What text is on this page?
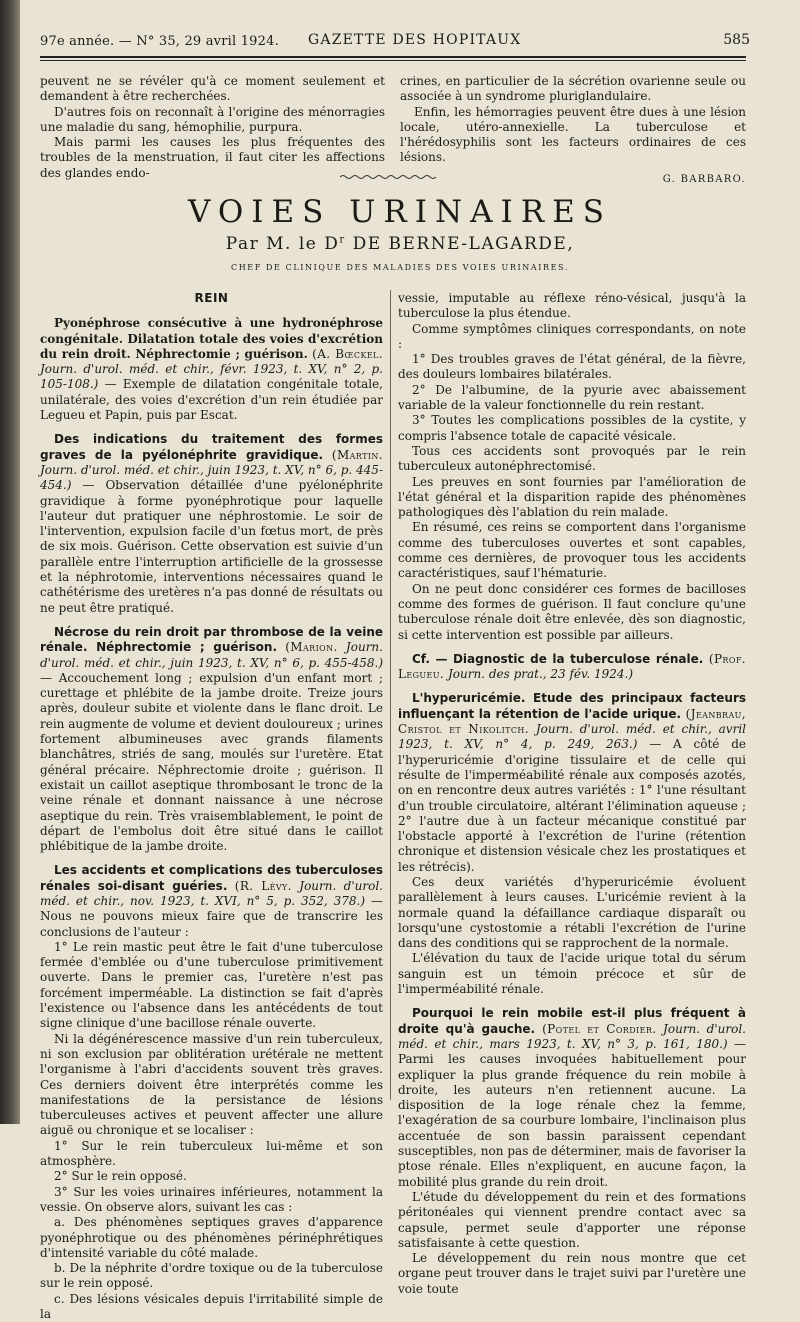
97e année. — N° 35, 29 avril 1924. GAZETTE DES HOPITAUX	585

peuvent ne se révéler qu'à ce moment seulement et demandent à être recherchées.

D'autres fois on reconnaît à l'origine des ménorragies une maladie du sang, hémophilie, purpura.

Mais parmi les causes les plus fréquentes des troubles de la menstruation, il faut citer les affections des glandes endo-

crines, en particulier de la sécrétion ovarienne seule ou associée à un syndrome pluriglandulaire.

Enfin, les hémorragies peuvent être dues à une lésion locale, utéro-annexielle. La tuberculose et l'hérédosyphilis sont les facteurs ordinaires de ces lésions.

G. BARBARO.

VOIES URINAIRES
Par M. le $D^r$ DE BERNE-LAGARDE,
CHEF DE CLINIQUE DES MALADIES DES VOIES URINAIRES.

REIN

Pyonéphrose consécutive à une hydronéphrose congénitale. Dilatation totale des voies d'excrétion du rein droit. Néphrectomie ; guérison. (A. Bœckel. Journ. d'urol. méd. et chir., févr. 1923, t. XV, n° 2, p. 105-108.) — Exemple de dilatation congénitale totale, unilatérale, des voies d'excrétion d'un rein étudiée par Legueu et Papin, puis par Escat.

Des indications du traitement des formes graves de la pyélonéphrite gravidique. (Martin. Journ. d'urol. méd. et chir., juin 1923, t. XV, n° 6, p. 445-454.) — Observation détaillée d'une pyélonéphrite gravidique à forme pyonéphrotique pour laquelle l'auteur dut pratiquer une néphrostomie. Le soir de l'intervention, expulsion facile d'un fœtus mort, de près de six mois. Guérison. Cette observation est suivie d'un parallèle entre l'interruption artificielle de la grossesse et la néphrotomie, interventions nécessaires quand le cathétérisme des uretères n'a pas donné de résultats ou ne peut être pratiqué.

Nécrose du rein droit par thrombose de la veine rénale. Néphrectomie ; guérison. (Marion. Journ. d'urol. méd. et chir., juin 1923, t. XV, n° 6, p. 455-458.) — Accouchement long ; expulsion d'un enfant mort ; curettage et phlébite de la jambe droite. Treize jours après, douleur subite et violente dans le flanc droit. Le rein augmente de volume et devient douloureux ; urines fortement albumineuses avec grands filaments blanchâtres, striés de sang, moulés sur l'uretère. Etat général précaire. Néphrectomie droite ; guérison. Il existait un caillot aseptique thrombosant le tronc de la veine rénale et donnant naissance à une nécrose aseptique du rein. Très vraisemblablement, le point de départ de l'embolus doit être situé dans le caillot phlébitique de la jambe droite.

Les accidents et complications des tuberculoses rénales soi-disant guéries. (R. Lévy. Journ. d'urol. méd. et chir., nov. 1923, t. XVI, n° 5, p. 352, 378.) — Nous ne pouvons mieux faire que de transcrire les conclusions de l'auteur :

1° Le rein mastic peut être le fait d'une tuberculose fermée d'emblée ou d'une tuberculose primitivement ouverte. Dans le premier cas, l'uretère n'est pas forcément imperméable. La distinction se fait d'après l'existence ou l'absence dans les antécédents de tout signe clinique d'une bacillose rénale ouverte.

Ni la dégénérescence massive d'un rein tuberculeux, ni son exclusion par oblitération urétérale ne mettent l'organisme à l'abri d'accidents souvent très graves. Ces derniers doivent être interprétés comme les manifestations de la persistance de lésions tuberculeuses actives et peuvent affecter une allure aiguë ou chronique et se localiser :

1° Sur le rein tuberculeux lui-même et son atmosphère.

2° Sur le rein opposé.

3° Sur les voies urinaires inférieures, notamment la vessie. On observe alors, suivant les cas :

a. Des phénomènes septiques graves d'apparence pyonéphrotique ou des phénomènes périnéphrétiques d'intensité variable du côté malade.

b. De la néphrite d'ordre toxique ou de la tuberculose sur le rein opposé.

c. Des lésions vésicales depuis l'irritabilité simple de la

vessie, imputable au réflexe réno-vésical, jusqu'à la tuberculose la plus étendue.

Comme symptômes cliniques correspondants, on note :

1° Des troubles graves de l'état général, de la fièvre, des douleurs lombaires bilatérales.

2° De l'albumine, de la pyurie avec abaissement variable de la valeur fonctionnelle du rein restant.

3° Toutes les complications possibles de la cystite, y compris l'absence totale de capacité vésicale.

Tous ces accidents sont provoqués par le rein tuberculeux autonéphrectomisé.

Les preuves en sont fournies par l'amélioration de l'état général et la disparition rapide des phénomènes pathologiques dès l'ablation du rein malade.

En résumé, ces reins se comportent dans l'organisme comme des tuberculoses ouvertes et sont capables, comme ces dernières, de provoquer tous les accidents caractéristiques, sauf l'hématurie.

On ne peut donc considérer ces formes de bacilloses comme des formes de guérison. Il faut conclure qu'une tuberculose rénale doit être enlevée, dès son diagnostic, si cette intervention est possible par ailleurs.

Cf. — Diagnostic de la tuberculose rénale. (Prof. Legueu. Journ. des prat., 23 fév. 1924.)

L'hyperuricémie. Etude des principaux facteurs influençant la rétention de l'acide urique. (Jeanbrau, Cristol et Nikolitch. Journ. d'urol. méd. et chir., avril 1923, t. XV, n° 4, p. 249, 263.) — A côté de l'hyperuricémie d'origine tissulaire et de celle qui résulte de l'imperméabilité rénale aux composés azotés, on en rencontre deux autres variétés : 1° l'une résultant d'un trouble circulatoire, altérant l'élimination aqueuse ; 2° l'autre due à un facteur mécanique constitué par l'obstacle apporté à l'excrétion de l'urine (rétention chronique et distension vésicale chez les prostatiques et les rétrécis).

Ces deux variétés d'hyperuricémie évoluent parallèlement à leurs causes. L'uricémie revient à la normale quand la défaillance cardiaque disparaît ou lorsqu'une cystostomie a rétabli l'excrétion de l'urine dans des conditions qui se rapprochent de la normale.

L'élévation du taux de l'acide urique total du sérum sanguin est un témoin précoce et sûr de l'imperméabilité rénale.

Pourquoi le rein mobile est-il plus fréquent à droite qu'à gauche. (Potel et Cordier. Journ. d'urol. méd. et chir., mars 1923, t. XV, n° 3, p. 161, 180.) — Parmi les causes invoquées habituellement pour expliquer la plus grande fréquence du rein mobile à droite, les auteurs n'en retiennent aucune. La disposition de la loge rénale chez la femme, l'exagération de sa courbure lombaire, l'inclinaison plus accentuée de son bassin paraissent cependant susceptibles, non pas de déterminer, mais de favoriser la ptose rénale. Elles n'expliquent, en aucune façon, la mobilité plus grande du rein droit.

L'étude du développement du rein et des formations péritonéales qui viennent prendre contact avec sa capsule, permet seule d'apporter une réponse satisfaisante à cette question.

Le développement du rein nous montre que cet organe peut trouver dans le trajet suivi par l'uretère une voie toute
